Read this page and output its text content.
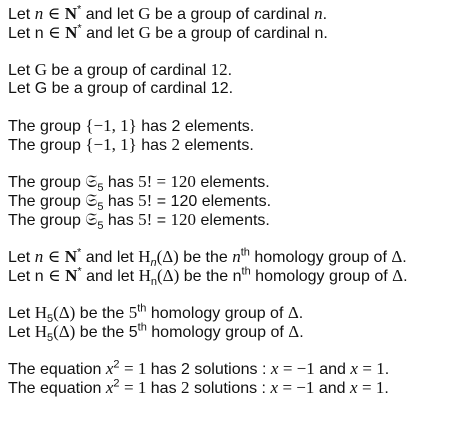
Let n ∈ N* and let G be a group of cardinal n.
Let n ∈ N* and let G be a group of cardinal n.
Let G be a group of cardinal 12.
Let G be a group of cardinal 12.
The group {−1, 1} has 2 elements.
The group {−1, 1} has 2 elements.
The group 𝔖$_5$ has 5! = 120 elements.
The group 𝔖$_5$ has 5! = 120 elements.
The group 𝔖$_5$ has 5! = 120 elements.
Let n ∈ N* and let $H_n(\Delta)$ be the $n^{th}$ homology group of Δ.
Let n ∈ N* and let $H_n(\Delta)$ be the $n^{th}$ homology group of Δ.
Let $H_5(\Delta)$ be the 5th homology group of Δ.
Let $H_5(\Delta)$ be the 5th homology group of Δ.
The equation $x^2 = 1$ has 2 solutions : x = −1 and x = 1.
The equation $x^2 = 1$ has 2 solutions : x = −1 and x = 1.
